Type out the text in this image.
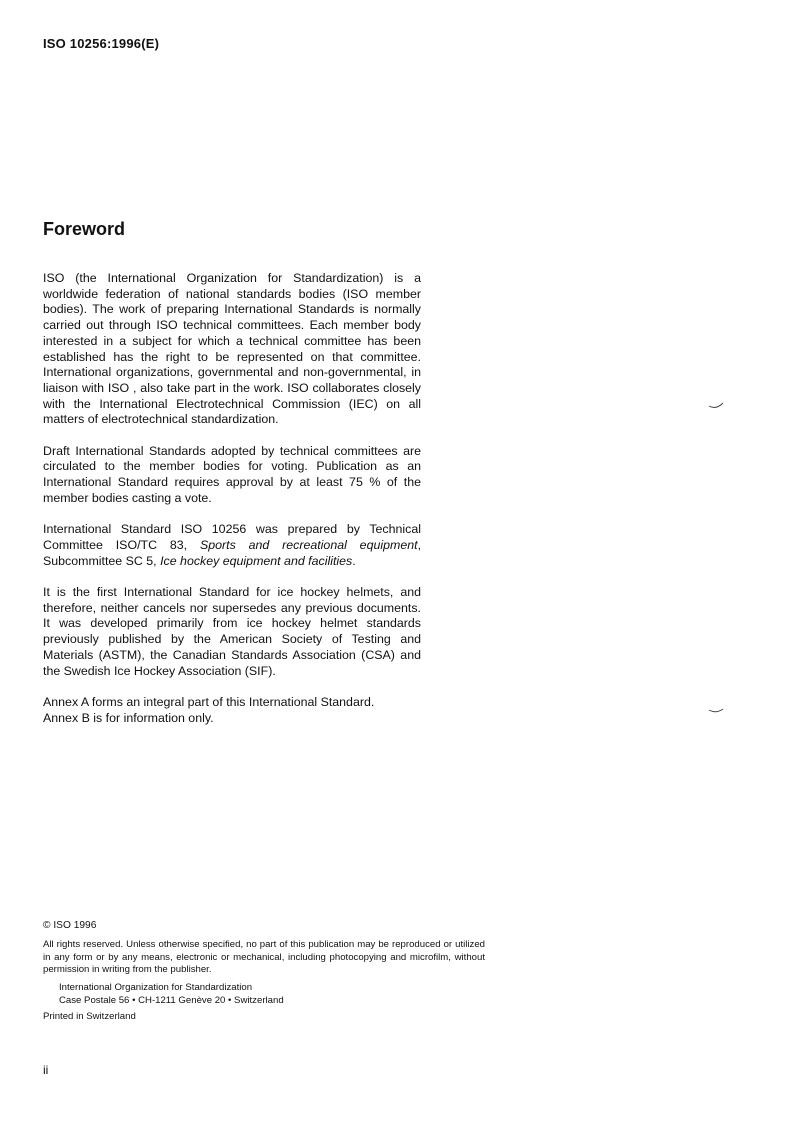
ISO 10256:1996(E)
Foreword

ISO (the International Organization for Standardization) is a worldwide federation of national standards bodies (ISO member bodies). The work of preparing International Standards is normally carried out through ISO technical committees. Each member body interested in a subject for which a technical committee has been established has the right to be represented on that committee. International organizations, governmental and non-governmental, in liaison with ISO , also take part in the work. ISO collaborates closely with the International Electrotechnical Commission (IEC) on all matters of electrotechnical standardization.

Draft International Standards adopted by technical committees are circulated to the member bodies for voting. Publication as an International Standard requires approval by at least 75 % of the member bodies casting a vote.

International Standard ISO 10256 was prepared by Technical Committee ISO/TC 83, Sports and recreational equipment, Subcommittee SC 5, Ice hockey equipment and facilities.

It is the first International Standard for ice hockey helmets, and therefore, neither cancels nor supersedes any previous documents. It was developed primarily from ice hockey helmet standards previously published by the American Society of Testing and Materials (ASTM), the Canadian Standards Association (CSA) and the Swedish Ice Hockey Association (SIF).

Annex A forms an integral part of this International Standard.
Annex B is for information only.

© ISO 1996

All rights reserved. Unless otherwise specified, no part of this publication may be reproduced or utilized in any form or by any means, electronic or mechanical, including photocopying and microfilm, without permission in writing from the publisher.

International Organization for Standardization
Case Postale 56 • CH-1211 Genève 20 • Switzerland
Printed in Switzerland
ii
